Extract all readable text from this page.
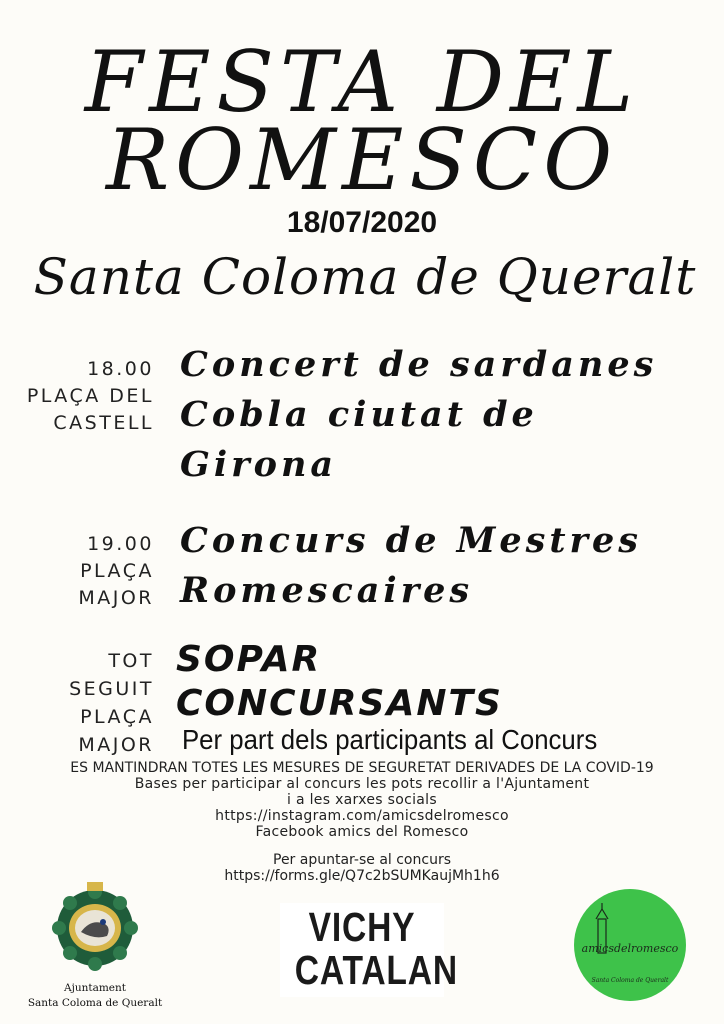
FESTA DEL
ROMESCO
18/07/2020
Santa Coloma de Queralt
18.00
PLAÇA DEL
CASTELL
Concert de sardanes
Cobla ciutat de
Girona
19.00
PLAÇA
MAJOR
Concurs de Mestres
Romescaires
TOT
SEGUIT
PLAÇA
MAJOR
SOPAR
CONCURSANTS
Per part dels participants al Concurs
ES MANTINDRAN TOTES LES MESURES DE SEGURETAT DERIVADES DE LA COVID-19
Bases per participar al concurs les pots recollir a l'Ajuntament
i a les xarxes socials
https://instagram.com/amicsdelromesco
Facebook amics del Romesco
Per apuntar-se al concurs
https://forms.gle/Q7c2bSUMKaujMh1h6
Ajuntament
Santa Coloma de Queralt
VICHY
CATALAN	amicsdelromesco
Santa Coloma de Queralt
